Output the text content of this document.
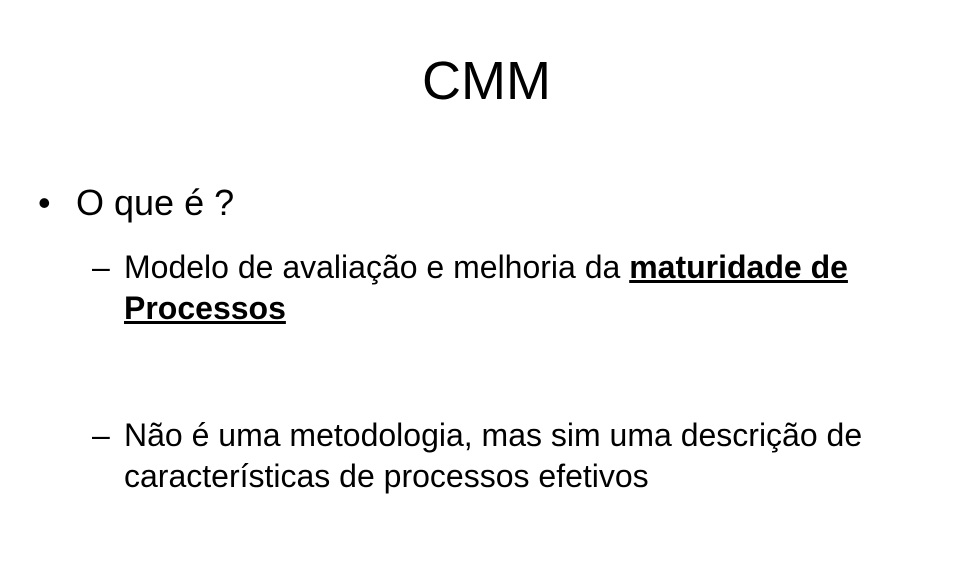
CMM
• O que é ?
– Modelo de avaliação e melhoria da maturidade de Processos
– Não é uma metodologia, mas sim uma descrição de características de processos efetivos
